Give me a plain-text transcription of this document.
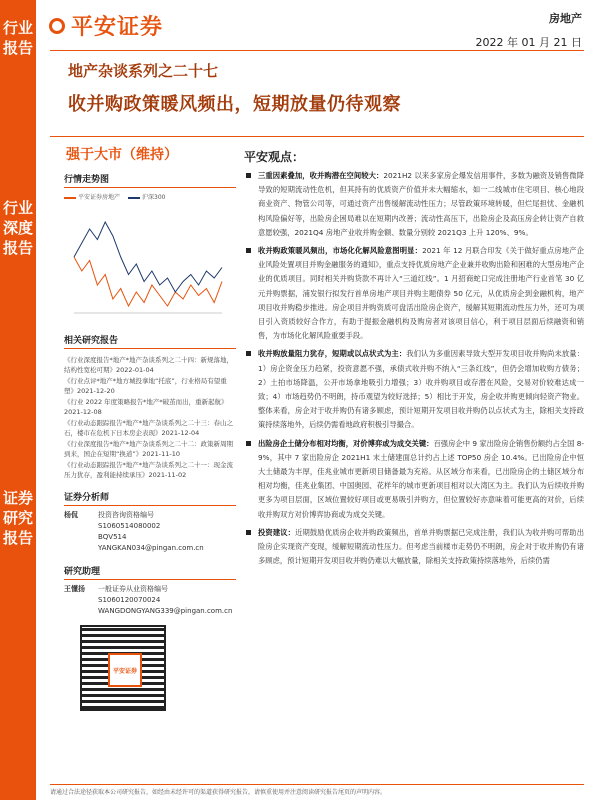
行业报告
行业深度报告
证券研究报告
平安证券	房地产
2022 年 01 月 21 日
地产杂谈系列之二十七
收并购政策暖风频出，短期放量仍待观察
强于大市（维持）
行情走势图
平安证券房地产	沪深300
相关研究报告
《行业深度报告*地产*地产杂谈系列之二十四：新规落地，结构性宽松可期》2022-01-04
《行业点评*地产*地方城投拿地“托底”，行业格局有望重塑》2021-12-20
《行业 2022 年度策略报告*地产*破茧而出，重新起航》2021-12-08
《行业动态跟踪报告*地产*地产杂谈系列之二十三：春山之石，楼市在危机下日本房企表现》2021-12-04
《行业深度报告*地产*地产杂谈系列之二十二：政策新周期到来，国企在短期“换道”》2021-11-10
《行业动态跟踪报告*地产*地产杂谈系列之二十一：现金流压力犹存，盈利能持续承压》2021-11-02
证券分析师
杨侃	投资咨询资格编号
S1060514080002
BQV514
YANGKAN034@pingan.com.cn
研究助理
王懂扬 一般证券从业资格编号
S1060120070024
WANGDONGYANG339@pingan.com.cn
平安证券
平安观点：
三重因素叠加，收并购潜在空间较大：2021H2 以来多家房企爆发信用事件，多数为融资及销售微降导致的短期流动性危机，但其持有的优质资产价值并未大幅缩水，如一二线城市住宅项目、核心地段商业资产、物管公司等，可通过资产出售缓解流动性压力；尽管政策环境转暖，但烂尾担忧、金融机构风险偏好等，出险房企困局难以在短期内改善；流动性高压下，出险房企及高压房企转让资产自救意愿较强，2021Q4 房地产业收并购金额、数量分别较 2021Q3 上升 120%、9%。
收并购政策暖风频出，市场化化解风险意图明显：2021 年 12 月联合印发《关于做好重点房地产企业风险处置项目并购金融服务的通知》，重点支持优质房地产企业兼并收购出险和困难的大型房地产企业的优质项目。同时相关并购贷款不再计入“三道红线”。1 月招商蛇口完成注册地产行业首笔 30 亿元并购票据，浦发银行拟发行首单房地产项目并购主题债券 50 亿元，从优质房企到金融机构，地产项目收并购稳步推进。房企项目并购资质可盘活出险房企资产，缓解其短期流动性压力外，还可为项目引入资质较好合作方，有助于提振金融机构及购房者对该项目信心，利于项目层面后续融资和销售，为市场化化解风险重要手段。
收并购放量阻力犹存，短期或以点状式为主：我们认为多重因素导致大型开发项目收并购尚未放量：1）房企资金压力趋紧，投资意愿不强，承债式收并购不纳入“三条红线”，但仍会增加收购方债务；2）土拍市场降温，公开市场拿地吸引力增强；3）收并购项目或存潜在风险，交易对价较难达成一致；4）市场趋势仍不明朗，持币观望为较好选择；5）相比于开发，房企收并购更倾向轻资产物业。整体来看，房企对于收并购仍有诸多顾虑，预计短期开发项目收并购仍以点状式为主，除相关支持政策持续落地外，后续仍需看地政府积极引导撮合。
出险房企土储分布相对均衡，对价博弈或为成交关键：百强房企中 9 家出险房企销售份额约占全国 8-9%，其中 7 家出险房企 2021H1 末土储建面总计约占上述 TOP50 房企 10.4%。已出险房企中恒大土储最为丰厚，佳兆业城市更新项目储备最为充裕。从区域分布来看，已出险房企的土储区域分布相对均衡，佳兆业集团、中国奥园、花样年的城市更新项目相对以大湾区为主。我们认为后续收并购更多为项目层面，区域位置较好项目或更易吸引并购方，但位置较好亦意味着可能更高的对价，后续收并购双方对价博弈协商或为成交关键。
投资建议：近期鼓励优质房企收并购政策频出，首单并购票据已完成注册，我们认为收并购可帮助出险房企实现资产变现，缓解短期流动性压力。但考虑当前楼市走势仍不明朗，房企对于收并购仍有诸多顾虑，预计短期开发项目收并购仍难以大幅放量，除相关支持政策持续落地外，后续仍需
请通过合法途径获取本公司研究报告，如经由未经许可的渠道获得研究报告，请慎重使用并注意阅读研究报告尾页的声明内容。
